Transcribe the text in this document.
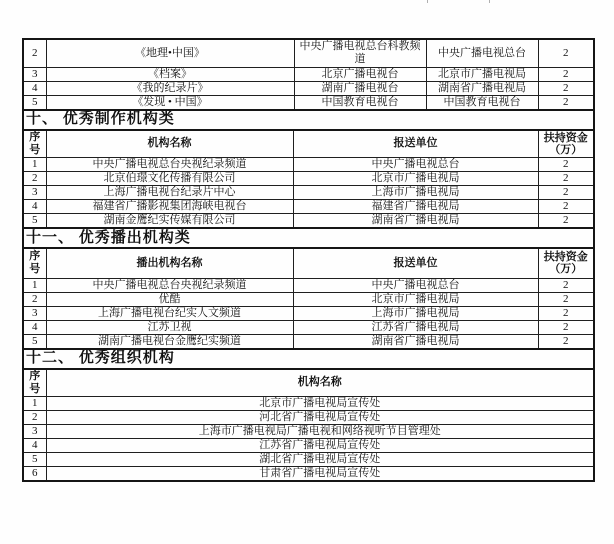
2	《地理•中国》	中央广播电视总台科教频道	中央广播电视总台	2
3	《档案》	北京广播电视台	北京市广播电视局	2
4	《我的纪录片》	湖南广播电视台	湖南省广播电视局	2
5	《发现 • 中国》	中国教育电视台	中国教育电视台	2
十、 优秀制作机构类			
序号	机构名称	报送单位	扶持资金
（万）

1	中央广播电视总台央视纪录频道	中央广播电视总台	2
2	北京伯璟文化传播有限公司	北京市广播电视局	2
3	上海广播电视台纪录片中心	上海市广播电视局	2
4	福建省广播影视集团海峡电视台	福建省广播电视局	2
5	湖南金鹰纪实传媒有限公司	湖南省广播电视局	2
十一、 优秀播出机构类			
序号	播出机构名称	报送单位	扶持资金
（万）

1	中央广播电视总台央视纪录频道	中央广播电视总台	2
2	优酷	北京市广播电视局	2
3	上海广播电视台纪实人文频道	上海市广播电视局	2
4	江苏卫视	江苏省广播电视局	2
5	湖南广播电视台金鹰纪实频道	湖南省广播电视局	2
十二、 优秀组织机构	
序号	机构名称
1	北京市广播电视局宣传处
2	河北省广播电视局宣传处
3	上海市广播电视局广播电视和网络视听节目管理处
4	江苏省广播电视局宣传处
5	湖北省广播电视局宣传处
6	甘肃省广播电视局宣传处
